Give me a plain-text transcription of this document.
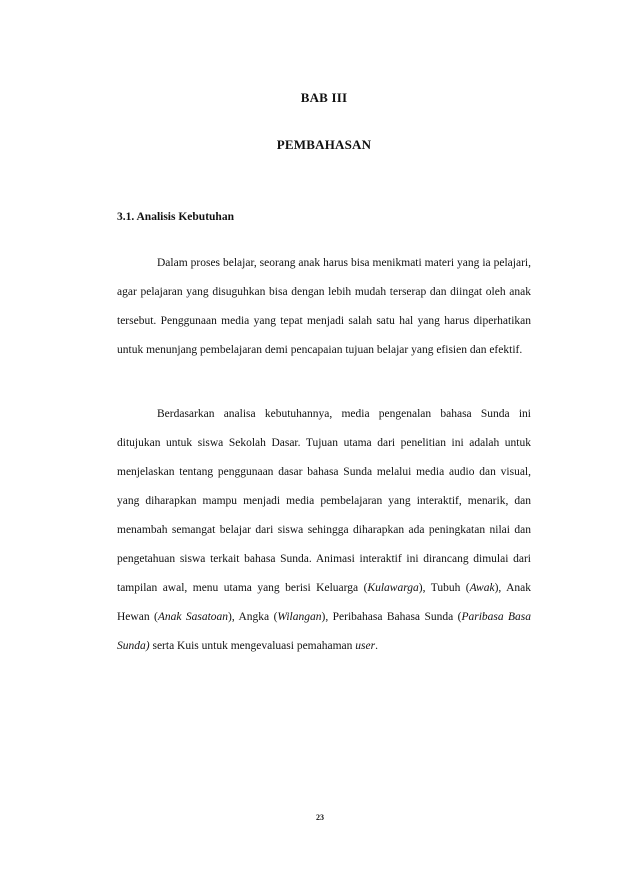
BAB III
PEMBAHASAN
3.1. Analisis Kebutuhan

Dalam proses belajar, seorang anak harus bisa menikmati materi yang ia pelajari, agar pelajaran yang disuguhkan bisa dengan lebih mudah terserap dan diingat oleh anak tersebut. Penggunaan media yang tepat menjadi salah satu hal yang harus diperhatikan untuk menunjang pembelajaran demi pencapaian tujuan belajar yang efisien dan efektif.

Berdasarkan analisa kebutuhannya, media pengenalan bahasa Sunda ini ditujukan untuk siswa Sekolah Dasar. Tujuan utama dari penelitian ini adalah untuk menjelaskan tentang penggunaan dasar bahasa Sunda melalui media audio dan visual, yang diharapkan mampu menjadi media pembelajaran yang interaktif, menarik, dan menambah semangat belajar dari siswa sehingga diharapkan ada peningkatan nilai dan pengetahuan siswa terkait bahasa Sunda. Animasi interaktif ini dirancang dimulai dari tampilan awal, menu utama yang berisi Keluarga (Kulawarga), Tubuh (Awak), Anak Hewan (Anak Sasatoan), Angka (Wilangan), Peribahasa Bahasa Sunda (Paribasa Basa Sunda) serta Kuis untuk mengevaluasi pemahaman user.

23
